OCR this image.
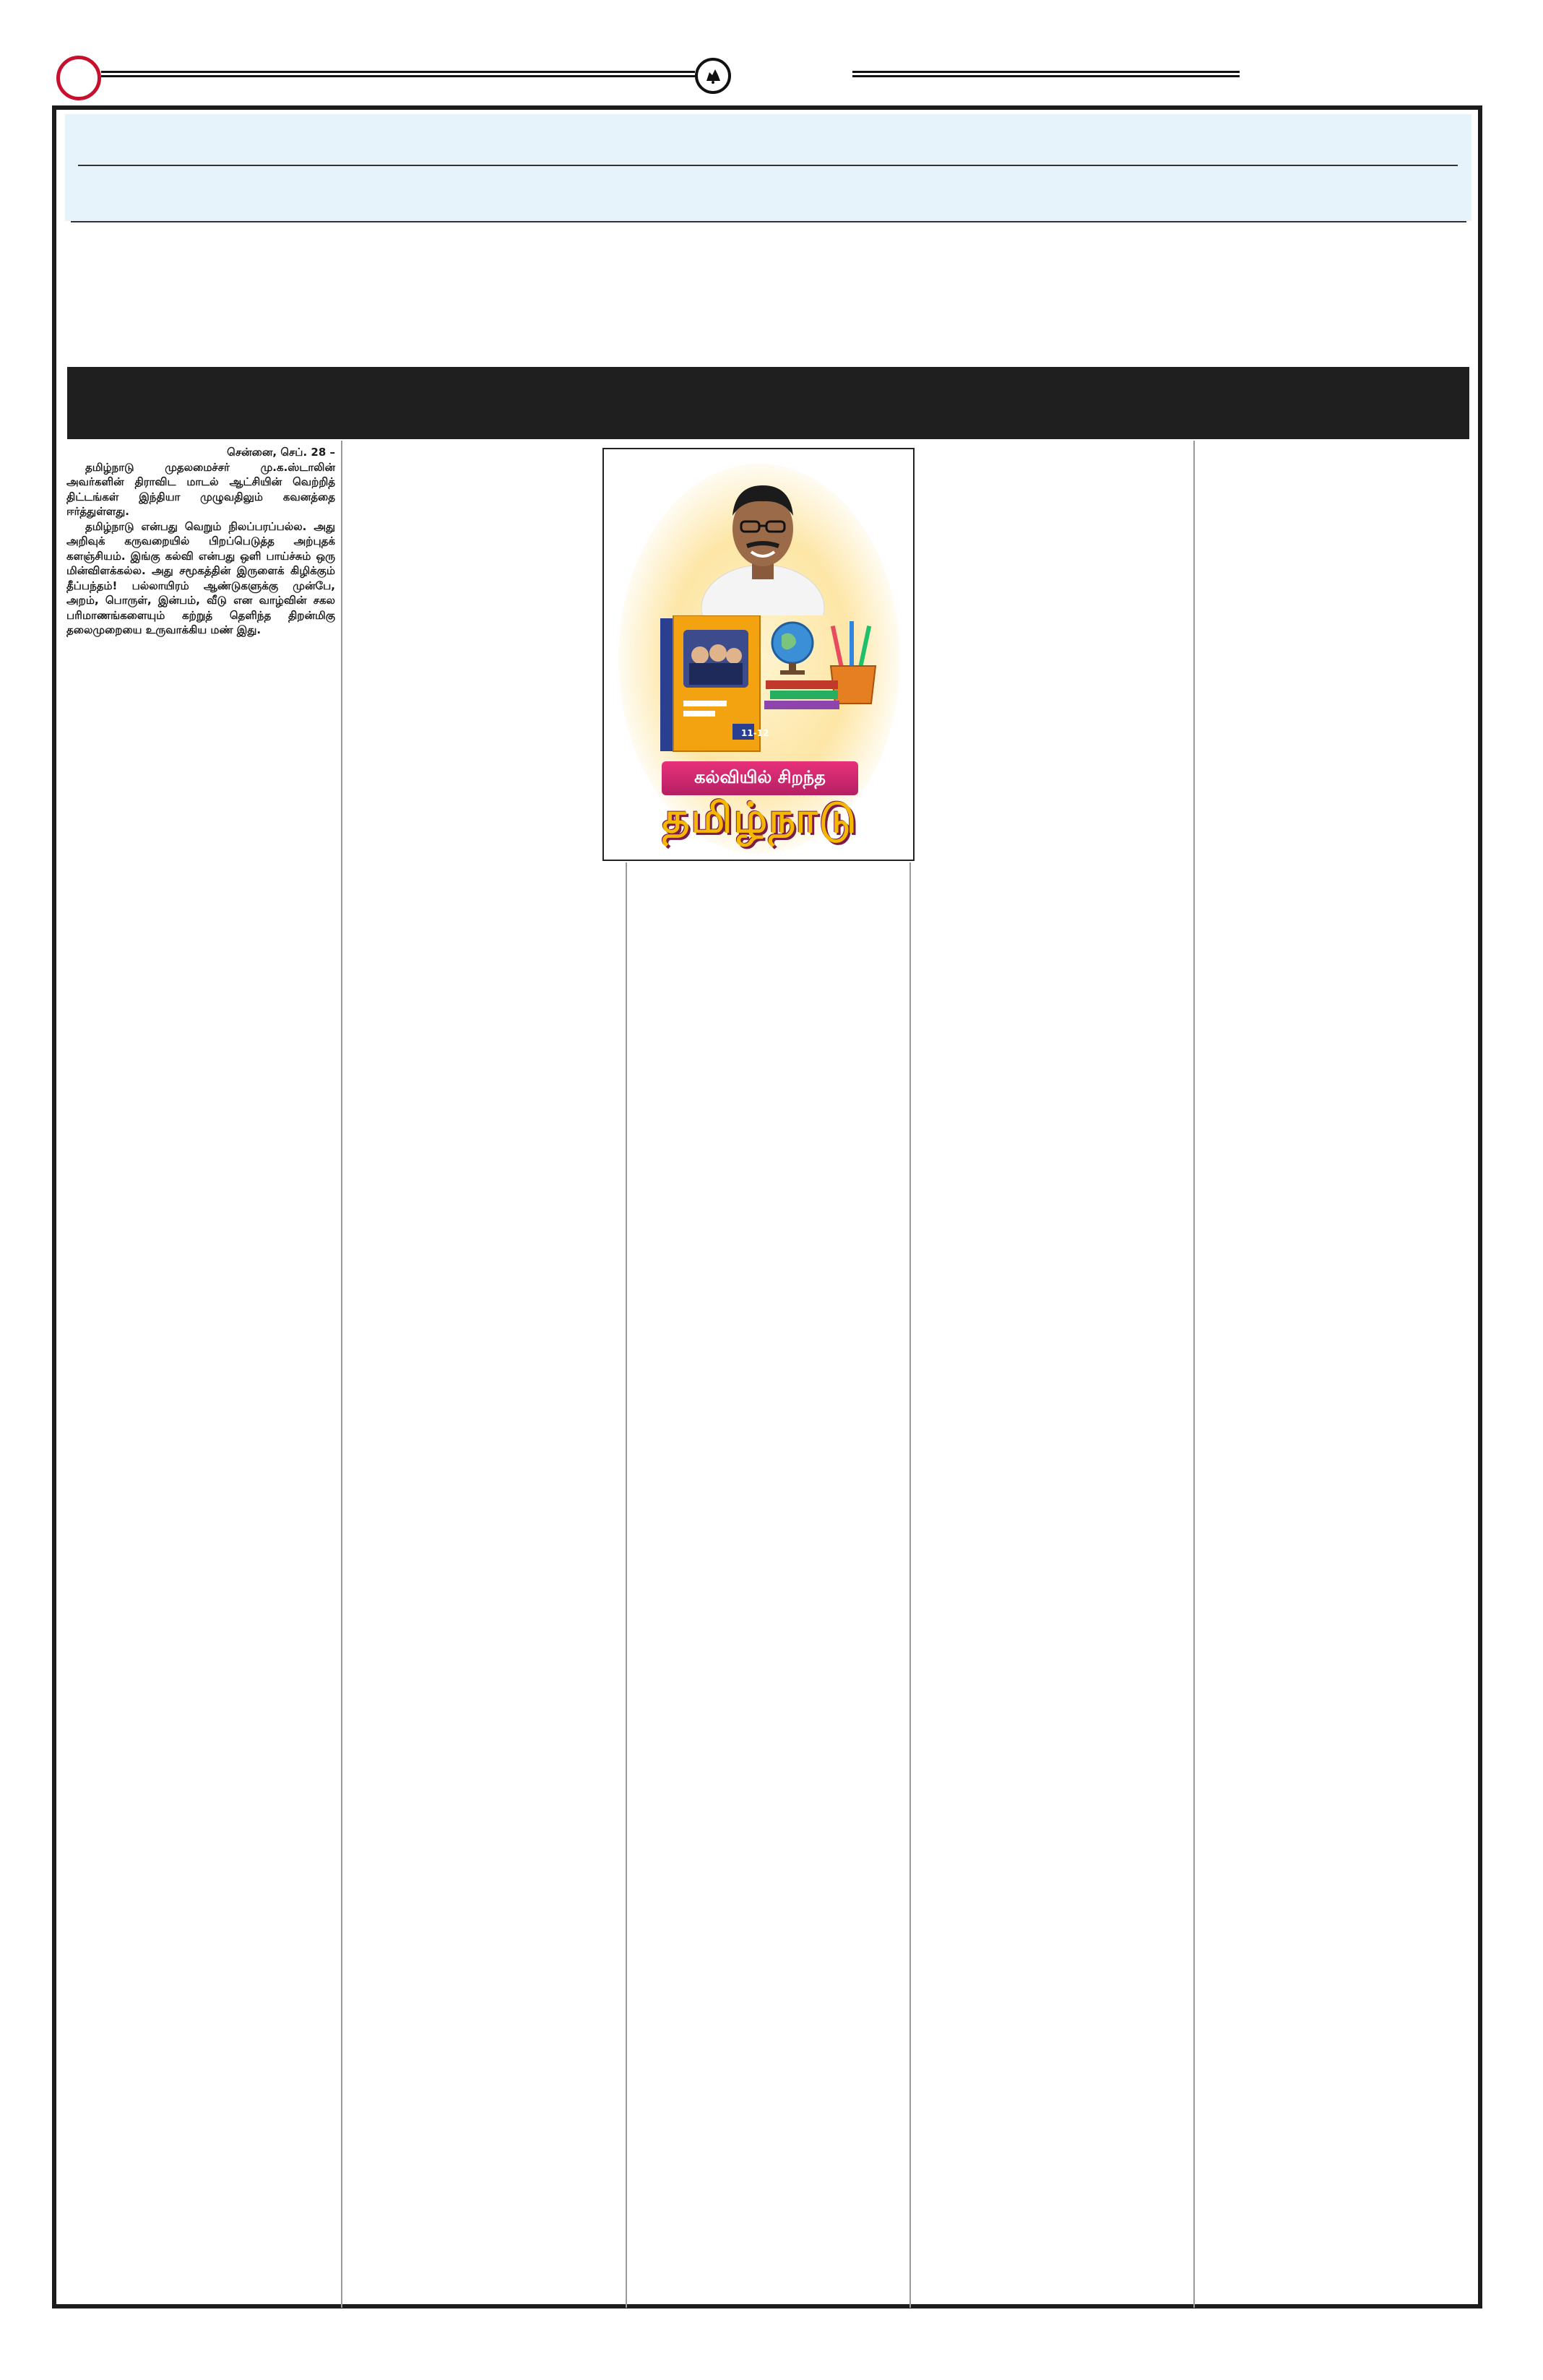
சென்னை, செப். 28 –
தமிழ்நாடு முதலமைச்சர் மு.க.ஸ்டாலின் அவர்களின் திராவிட மாடல் ஆட்சியின் வெற்றித் திட்டங்கள் இந்தியா முழுவதிலும் கவனத்தை ஈர்த்துள்ளது.
தமிழ்நாடு என்பது வெறும் நிலப்பரப்பல்ல. அது அறிவுக் கருவறையில் பிறப்பெடுத்த அற்புதக் களஞ்சியம். இங்கு கல்வி என்பது ஒளி பாய்ச்சும் ஒரு மின்விளக்கல்ல. அது சமூகத்தின் இருளைக் கிழிக்கும் தீப்பந்தம்! பல்லாயிரம் ஆண்டுகளுக்கு முன்பே, அறம், பொருள், இன்பம், வீடு என வாழ்வின் சகல பரிமாணங்களையும் கற்றுத் தெளிந்த திறன்மிகு தலைமுறையை உருவாக்கிய மண் இது.
11-12
கல்வியில் சிறந்த
தமிழ்நாடு
